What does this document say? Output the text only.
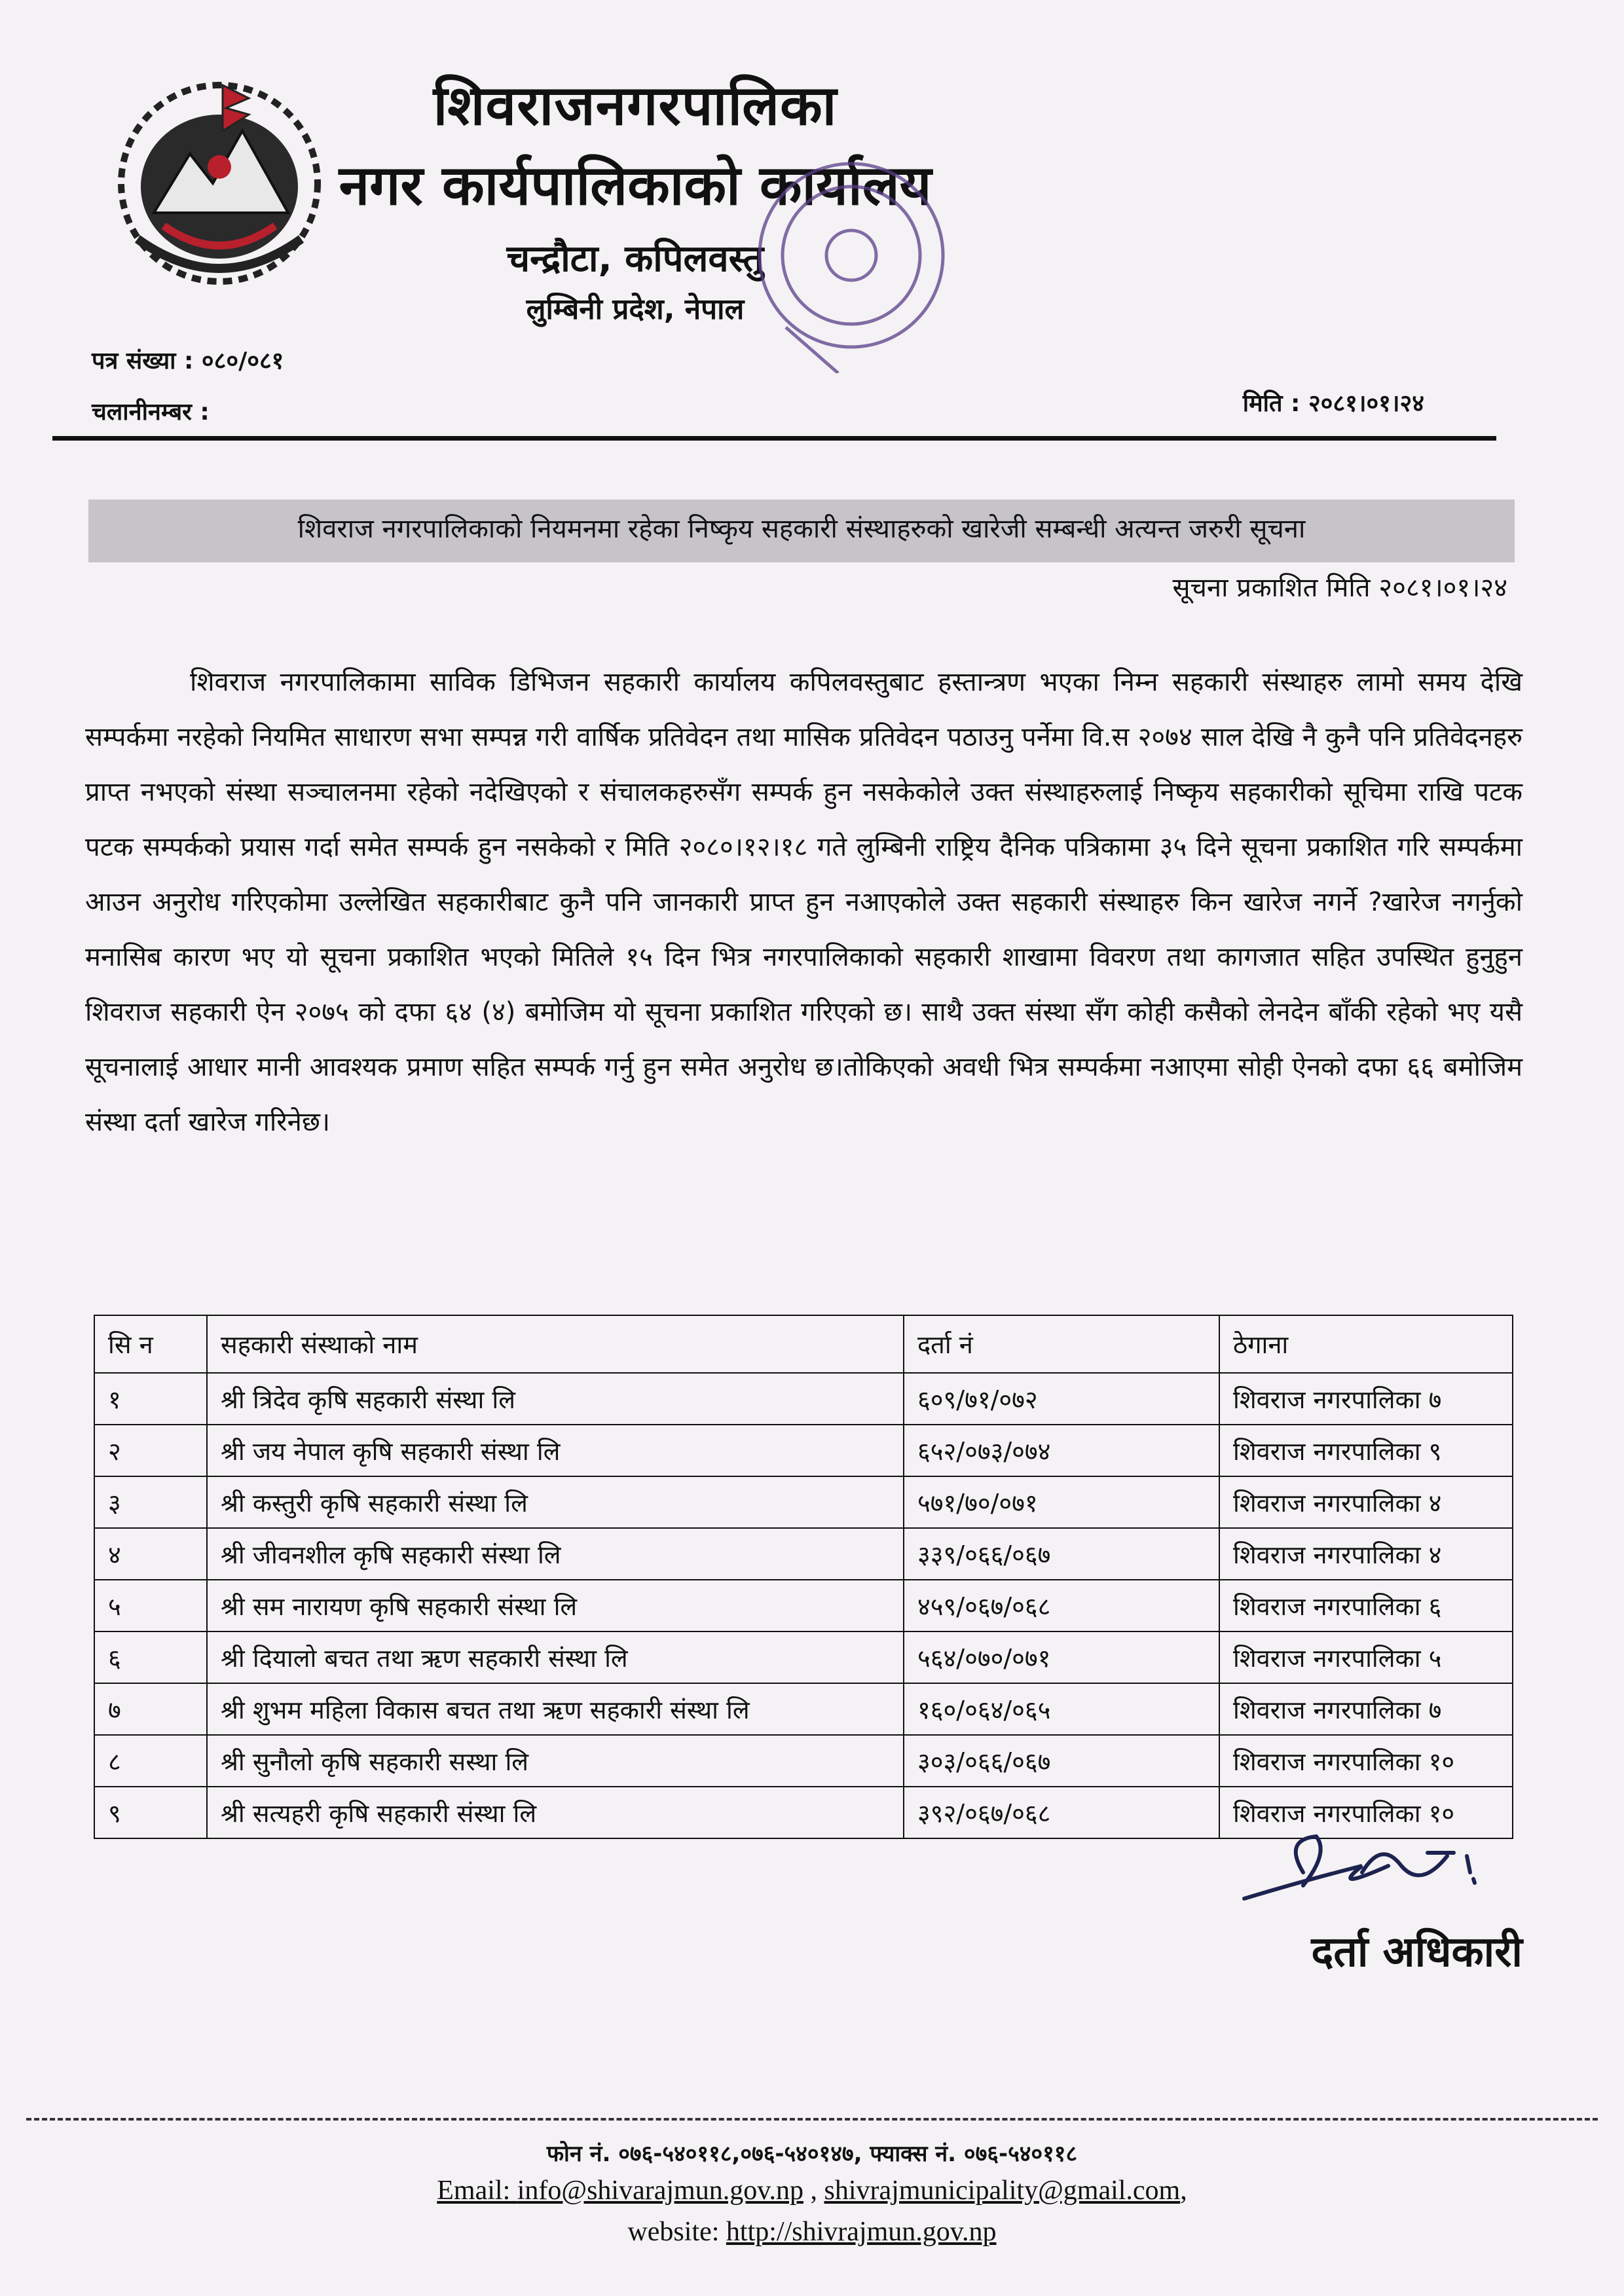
शिवराजनगरपालिका
नगर कार्यपालिकाको कार्यालय
चन्द्रौटा, कपिलवस्तु
लुम्बिनी प्रदेश, नेपाल
पत्र संख्या : ०८०/०८१
चलानीनम्बर :	मिति : २०८१।०१।२४
शिवराज नगरपालिकाको नियमनमा रहेका निष्कृय सहकारी संस्थाहरुको खारेजी सम्बन्धी अत्यन्त जरुरी सूचना
सूचना प्रकाशित मिति २०८१।०१।२४
शिवराज नगरपालिकामा साविक डिभिजन सहकारी कार्यालय कपिलवस्तुबाट हस्तान्त्रण भएका निम्न सहकारी संस्थाहरु लामो समय देखि सम्पर्कमा नरहेको नियमित साधारण सभा सम्पन्न गरी वार्षिक प्रतिवेदन तथा मासिक प्रतिवेदन पठाउनु पर्नेमा वि.स २०७४ साल देखि नै कुनै पनि प्रतिवेदनहरु प्राप्त नभएको संस्था सञ्चालनमा रहेको नदेखिएको र संचालकहरुसँग सम्पर्क हुन नसकेकोले उक्त संस्थाहरुलाई निष्कृय सहकारीको सूचिमा राखि पटक पटक सम्पर्कको प्रयास गर्दा समेत सम्पर्क हुन नसकेको र मिति २०८०।१२।१८ गते लुम्बिनी राष्ट्रिय दैनिक पत्रिकामा ३५ दिने सूचना प्रकाशित गरि सम्पर्कमा आउन अनुरोध गरिएकोमा उल्लेखित सहकारीबाट कुनै पनि जानकारी प्राप्त हुन नआएकोले उक्त सहकारी संस्थाहरु किन खारेज नगर्ने ?खारेज नगर्नुको मनासिब कारण भए यो सूचना प्रकाशित भएको मितिले १५ दिन भित्र नगरपालिकाको सहकारी शाखामा विवरण तथा कागजात सहित उपस्थित हुनुहुन शिवराज सहकारी ऐन २०७५ को दफा ६४ (४) बमोजिम यो सूचना प्रकाशित गरिएको छ। साथै उक्त संस्था सँग कोही कसैको लेनदेन बाँकी रहेको भए यसै सूचनालाई आधार मानी आवश्यक प्रमाण सहित सम्पर्क गर्नु हुन समेत अनुरोध छ।तोकिएको अवधी भित्र सम्पर्कमा नआएमा सोही ऐनको दफा ६६ बमोजिम संस्था दर्ता खारेज गरिनेछ।
सि न	सहकारी संस्थाको नाम	दर्ता नं	ठेगाना
१	श्री त्रिदेव कृषि सहकारी संस्था लि	६०९/७१/०७२	शिवराज नगरपालिका ७
२	श्री जय नेपाल कृषि सहकारी संस्था लि	६५२/०७३/०७४	शिवराज नगरपालिका ९
३	श्री कस्तुरी कृषि सहकारी संस्था लि	५७१/७०/०७१	शिवराज नगरपालिका ४
४	श्री जीवनशील कृषि सहकारी संस्था लि	३३९/०६६/०६७	शिवराज नगरपालिका ४
५	श्री सम नारायण कृषि सहकारी संस्था लि	४५९/०६७/०६८	शिवराज नगरपालिका ६
६	श्री दियालो बचत तथा ऋण सहकारी संस्था लि	५६४/०७०/०७१	शिवराज नगरपालिका ५
७	श्री शुभम महिला विकास बचत तथा ऋण सहकारी संस्था लि	१६०/०६४/०६५	शिवराज नगरपालिका ७
८	श्री सुनौलो कृषि सहकारी सस्था लि	३०३/०६६/०६७	शिवराज नगरपालिका १०
९	श्री सत्यहरी कृषि सहकारी संस्था लि	३९२/०६७/०६८	शिवराज नगरपालिका १०
दर्ता अधिकारी
फोन नं. ०७६-५४०११८,०७६-५४०१४७, फ्याक्स नं. ०७६-५४०११८
Email: info@shivarajmun.gov.np , shivrajmunicipality@gmail.com,
website: http://shivrajmun.gov.np
